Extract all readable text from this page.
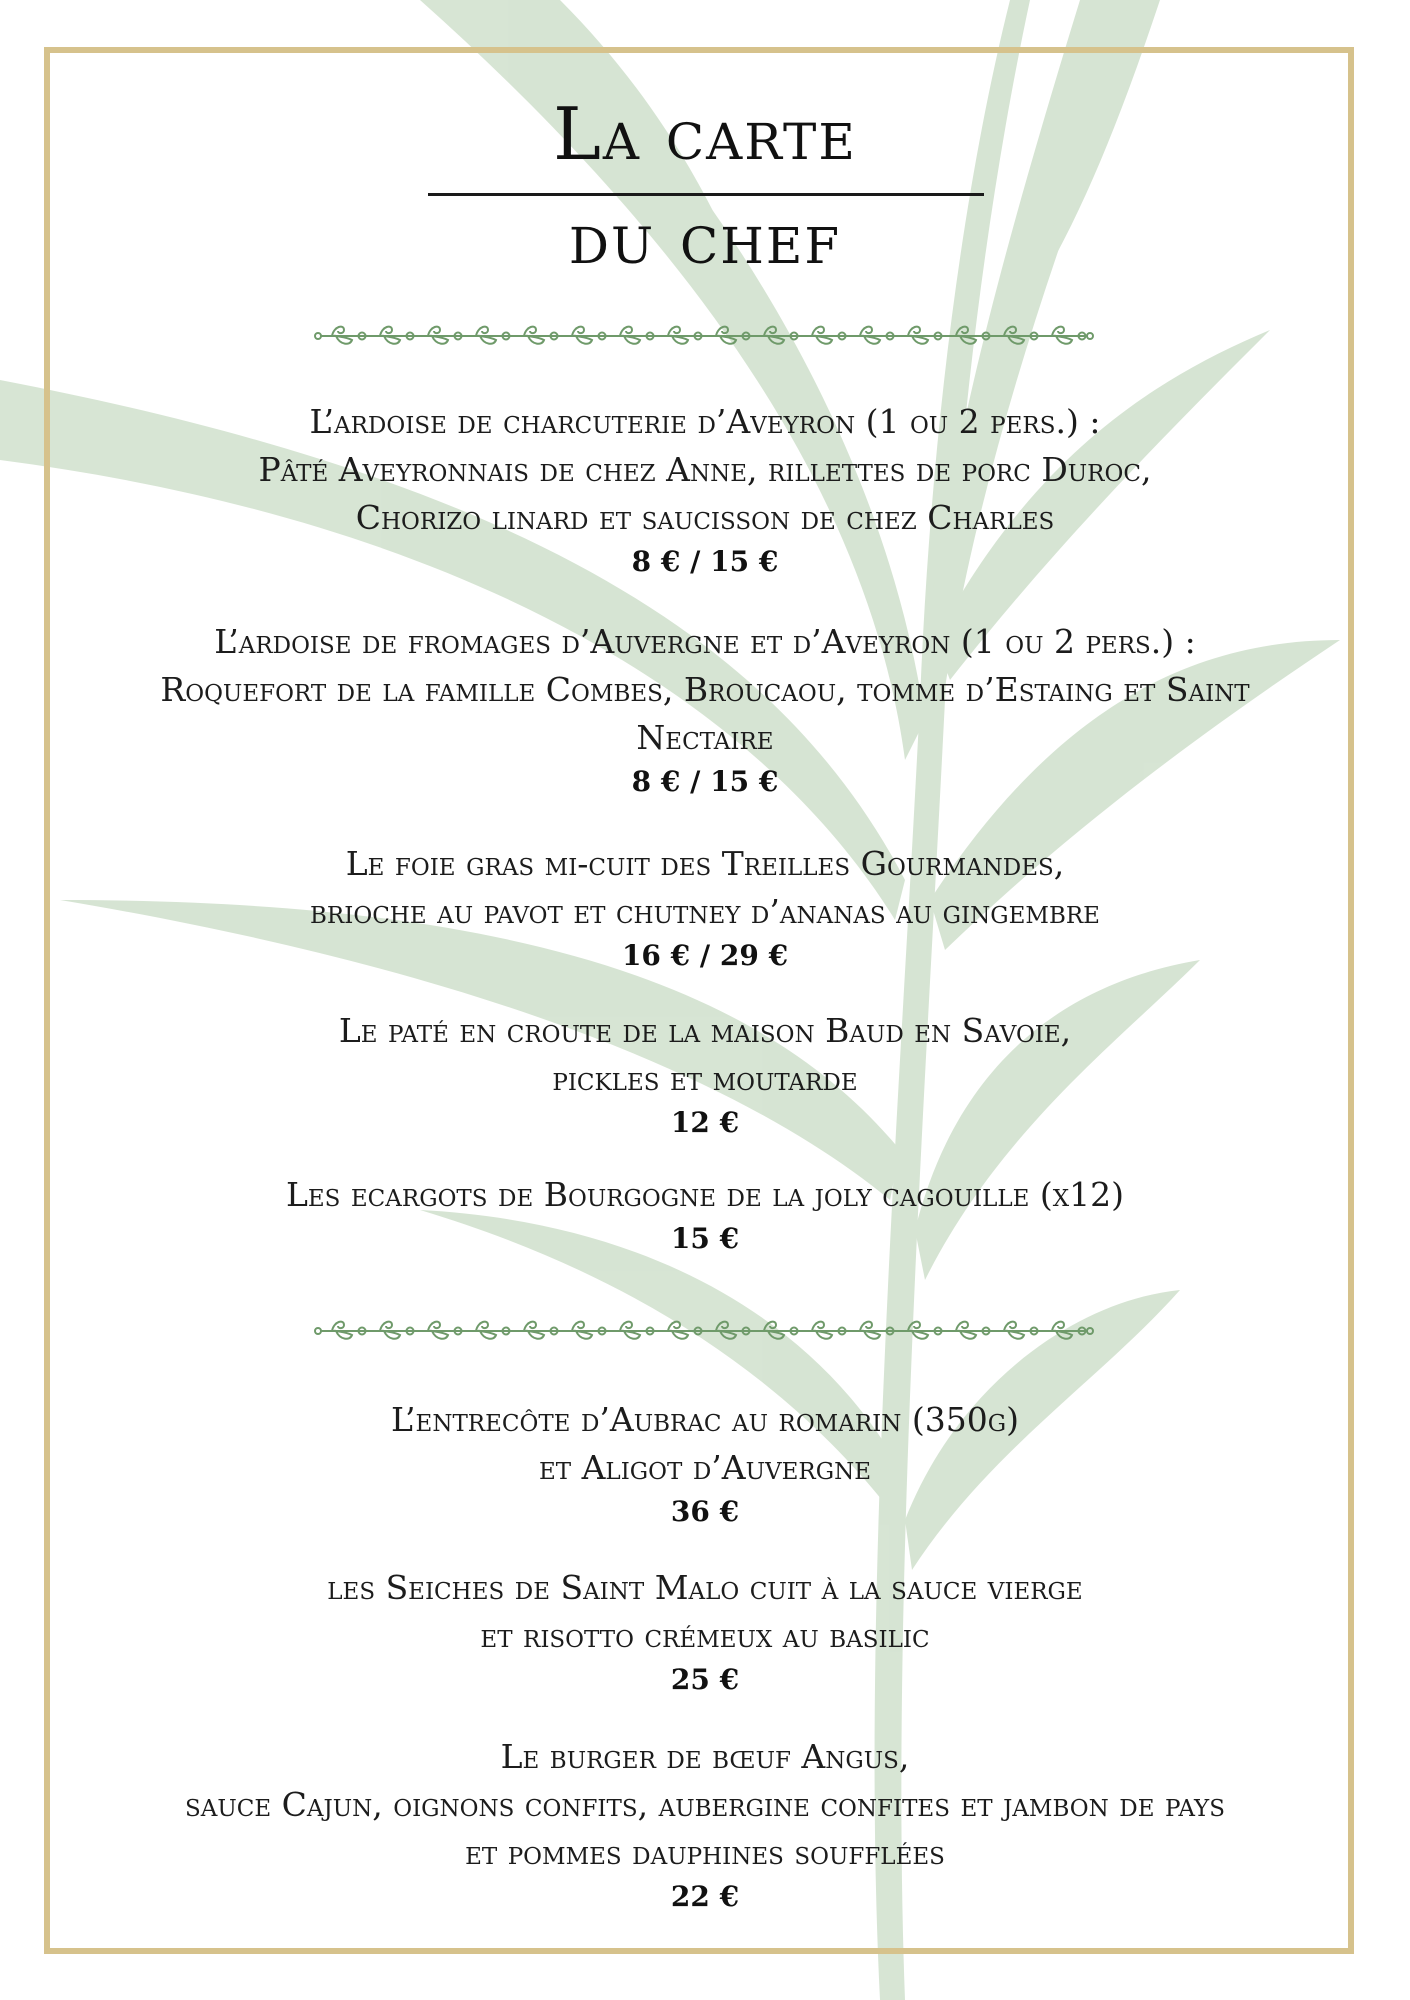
La carte
du chef
L’ardoise de charcuterie d’Aveyron (1 ou 2 pers.) :
Pâté Aveyronnais de chez Anne, rillettes de porc Duroc,
Chorizo linard et saucisson de chez Charles
8 € / 15 €
L’ardoise de fromages d’Auvergne et d’Aveyron (1 ou 2 pers.) :
Roquefort de la famille Combes, Broucaou, tomme d’Estaing et Saint
Nectaire
8 € / 15 €
Le foie gras mi-cuit des Treilles Gourmandes,
brioche au pavot et chutney d’ananas au gingembre
16 € / 29 €
Le paté en croute de la maison Baud en Savoie,
pickles et moutarde
12 €
Les ecargots de Bourgogne de la joly cagouille (x12)
15 €
L’entrecôte d’Aubrac au romarin (350g)
et Aligot d’Auvergne
36 €
les Seiches de Saint Malo cuit à la sauce vierge
et risotto crémeux au basilic
25 €
Le burger de bœuf Angus,
sauce Cajun, oignons confits, aubergine confites et jambon de pays
et pommes dauphines soufflées
22 €
